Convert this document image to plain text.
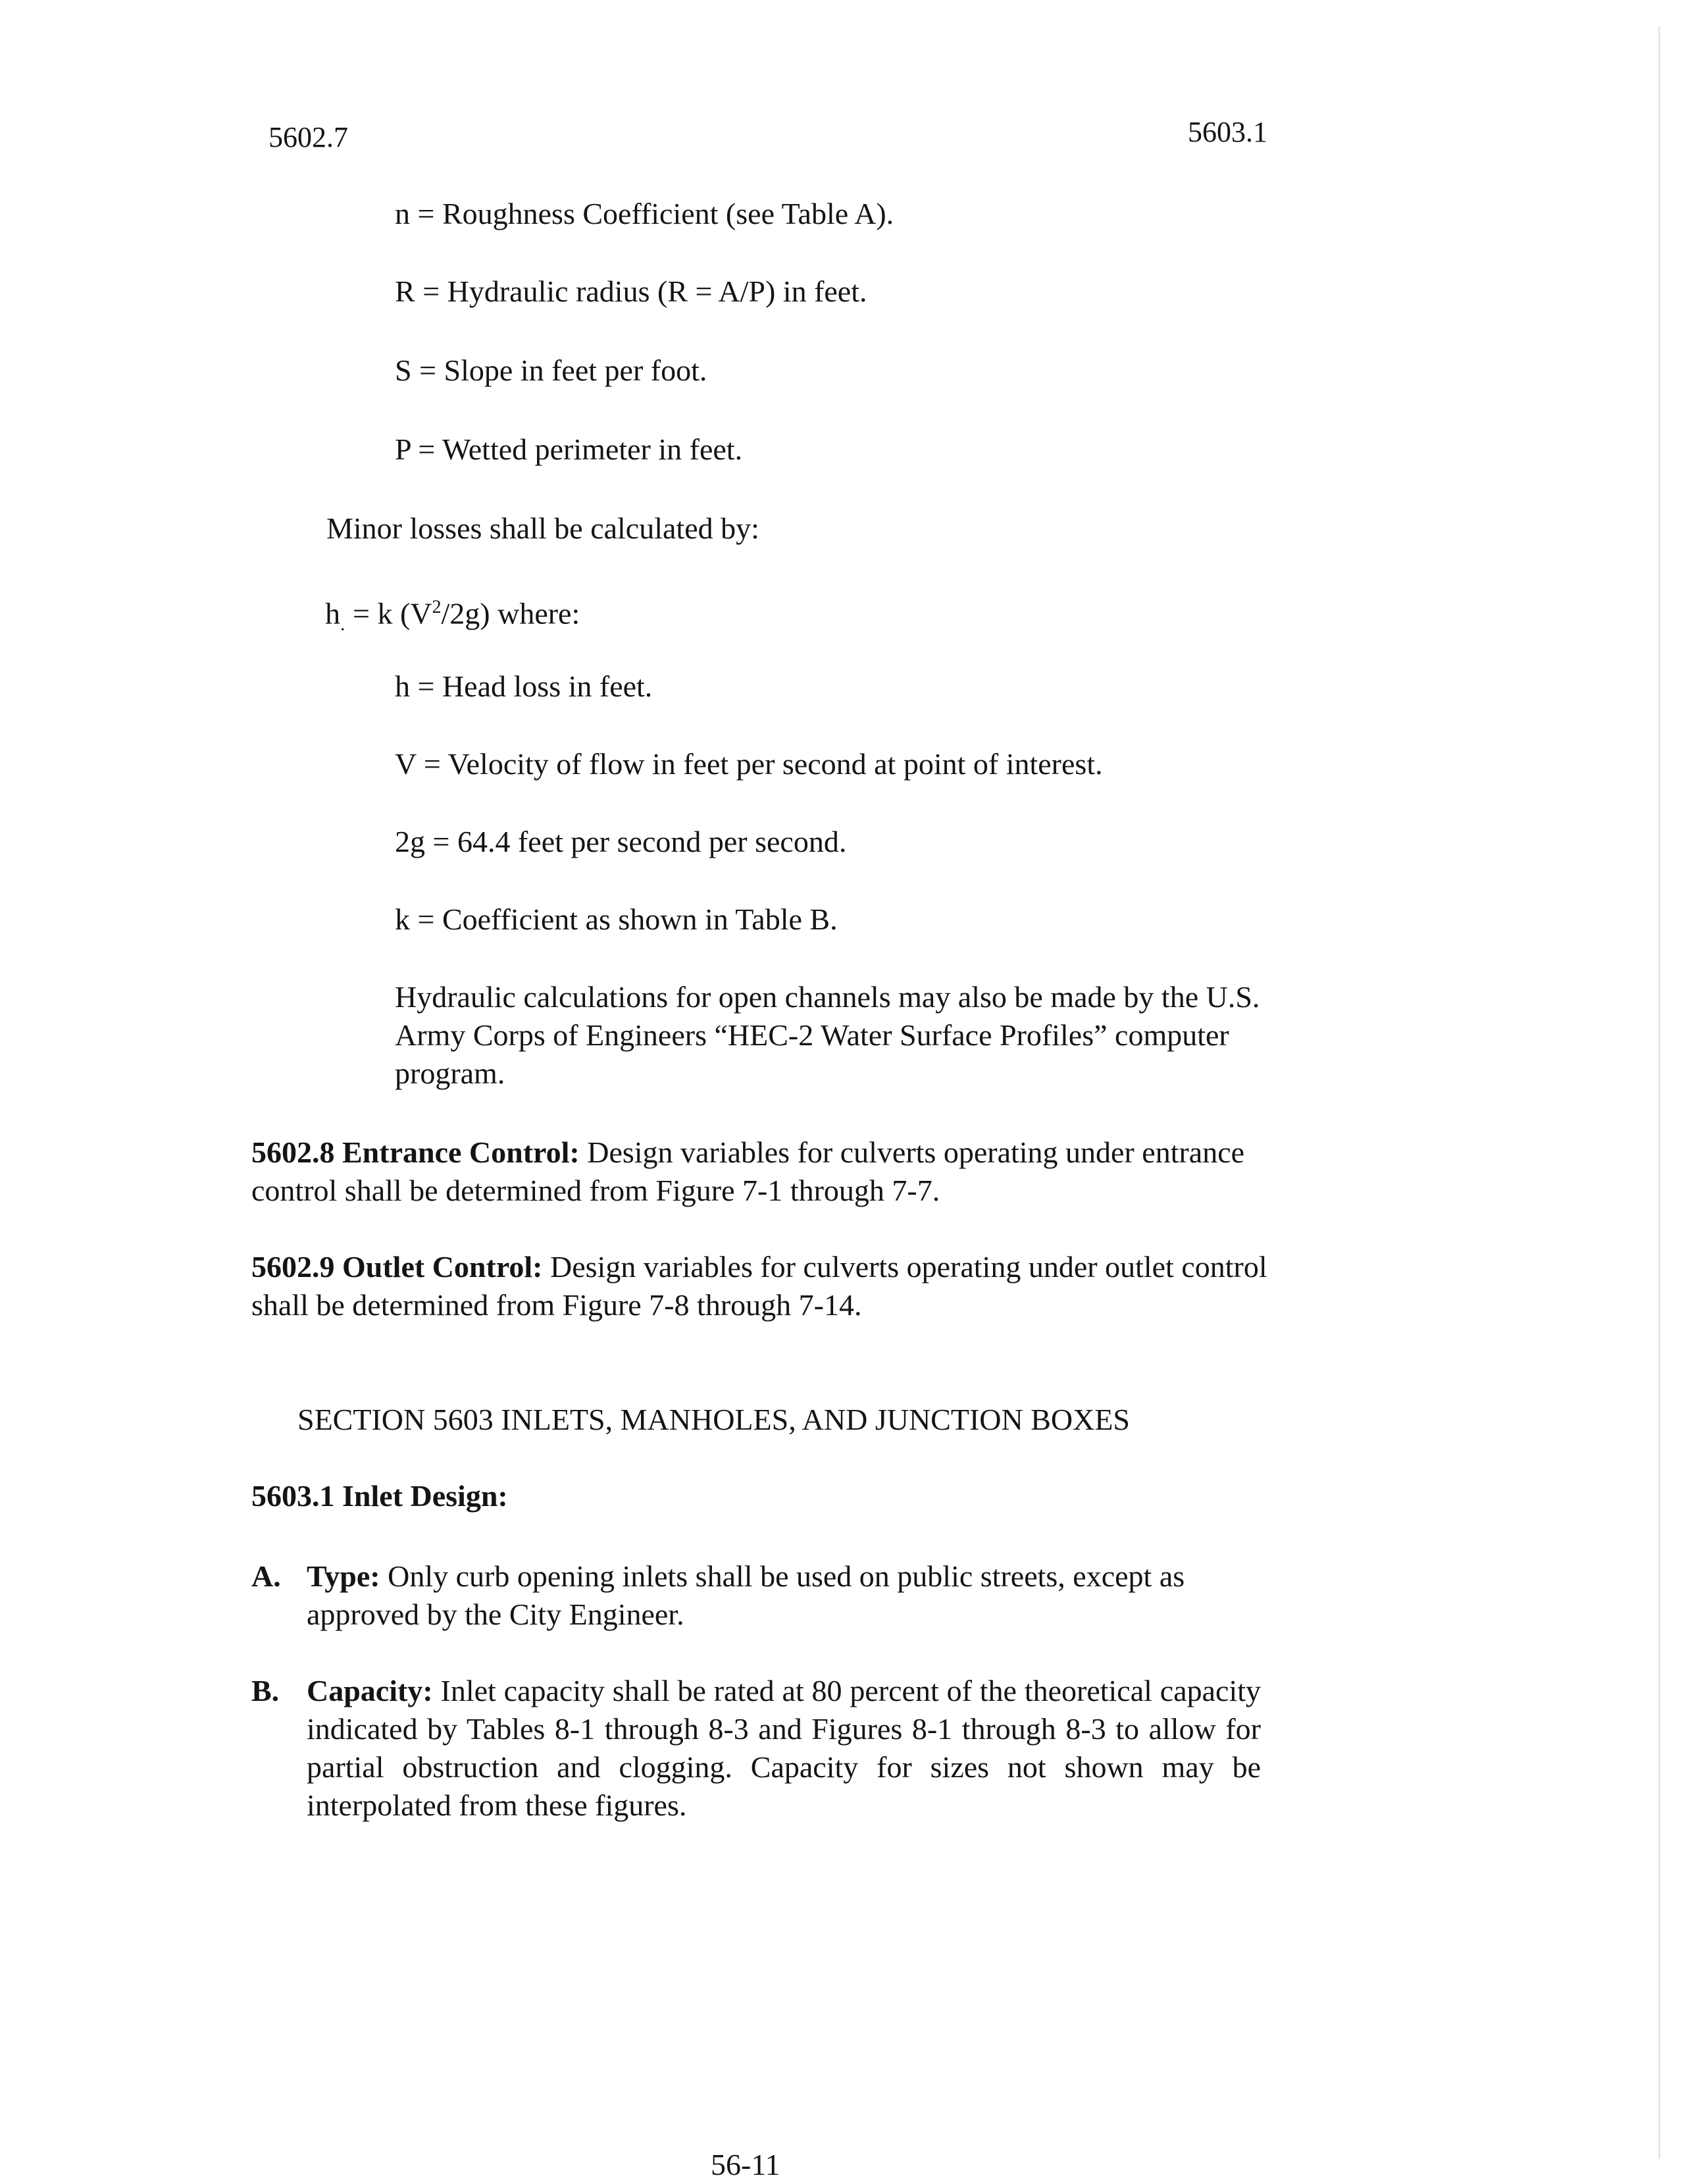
5602.7	5603.1
n = Roughness Coefficient (see Table A).
R = Hydraulic radius (R = A/P) in feet.
S = Slope in feet per foot.
P = Wetted perimeter in feet.
Minor losses shall be calculated by:
$h_. = k$ $(V^2/2g)$ where:
h = Head loss in feet.
V = Velocity of flow in feet per second at point of interest.
2g = 64.4 feet per second per second.
k = Coefficient as shown in Table B.
Hydraulic calculations for open channels may also be made by the U.S. Army Corps of Engineers “HEC-2 Water Surface Profiles” computer program.
5602.8 Entrance Control: Design variables for culverts operating under entrance control shall be determined from Figure 7-1 through 7-7.
5602.9 Outlet Control: Design variables for culverts operating under outlet control shall be determined from Figure 7-8 through 7-14.
SECTION 5603 INLETS, MANHOLES, AND JUNCTION BOXES
5603.1 Inlet Design:
A. Type: Only curb opening inlets shall be used on public streets, except as approved by the City Engineer.
B. Capacity: Inlet capacity shall be rated at 80 percent of the theoretical capacity indicated by Tables 8-1 through 8-3 and Figures 8-1 through 8-3 to allow for partial obstruction and clogging. Capacity for sizes not shown may be interpolated from these figures.
56-11
